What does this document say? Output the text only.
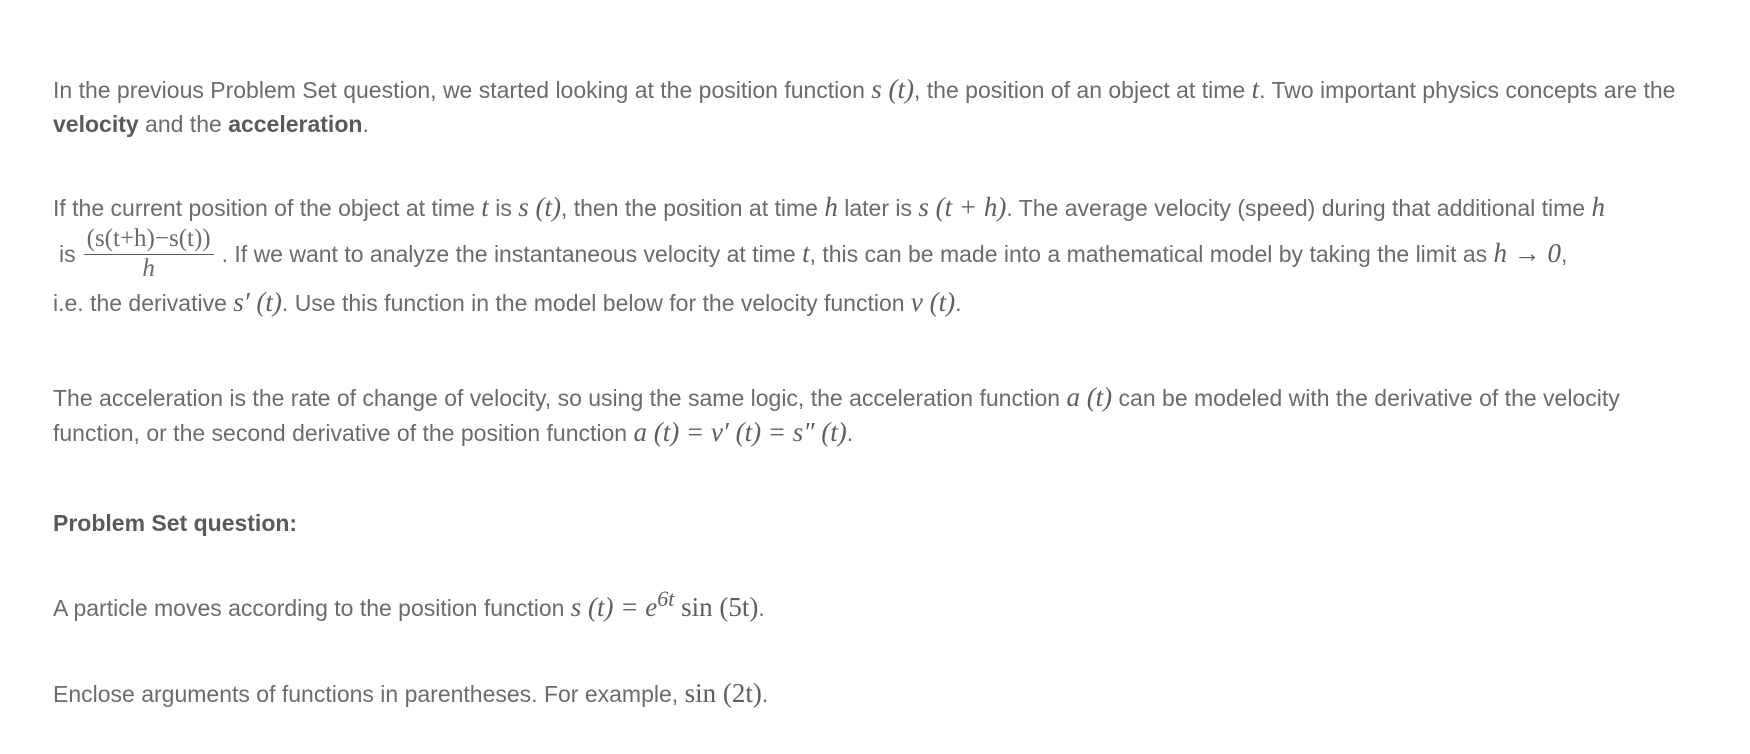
In the previous Problem Set question, we started looking at the position function s (t), the position of an object at time t. Two important physics concepts are the velocity and the acceleration.

If the current position of the object at time t is s (t), then the position at time h later is s (t + h). The average velocity (speed) during that additional time h
is $\frac{(s(t+h)-s(t))}{h}$ . If we want to analyze the instantaneous velocity at time t, this can be made into a mathematical model by taking the limit as h → 0,
i.e. the derivative s′ (t). Use this function in the model below for the velocity function v (t).

The acceleration is the rate of change of velocity, so using the same logic, the acceleration function a (t) can be modeled with the derivative of the velocity function, or the second derivative of the position function a (t) = v′ (t) = s″ (t).

Problem Set question:

A particle moves according to the position function s $(t) = e^{6t}$ sin (5t).

Enclose arguments of functions in parentheses. For example, sin (2t).
